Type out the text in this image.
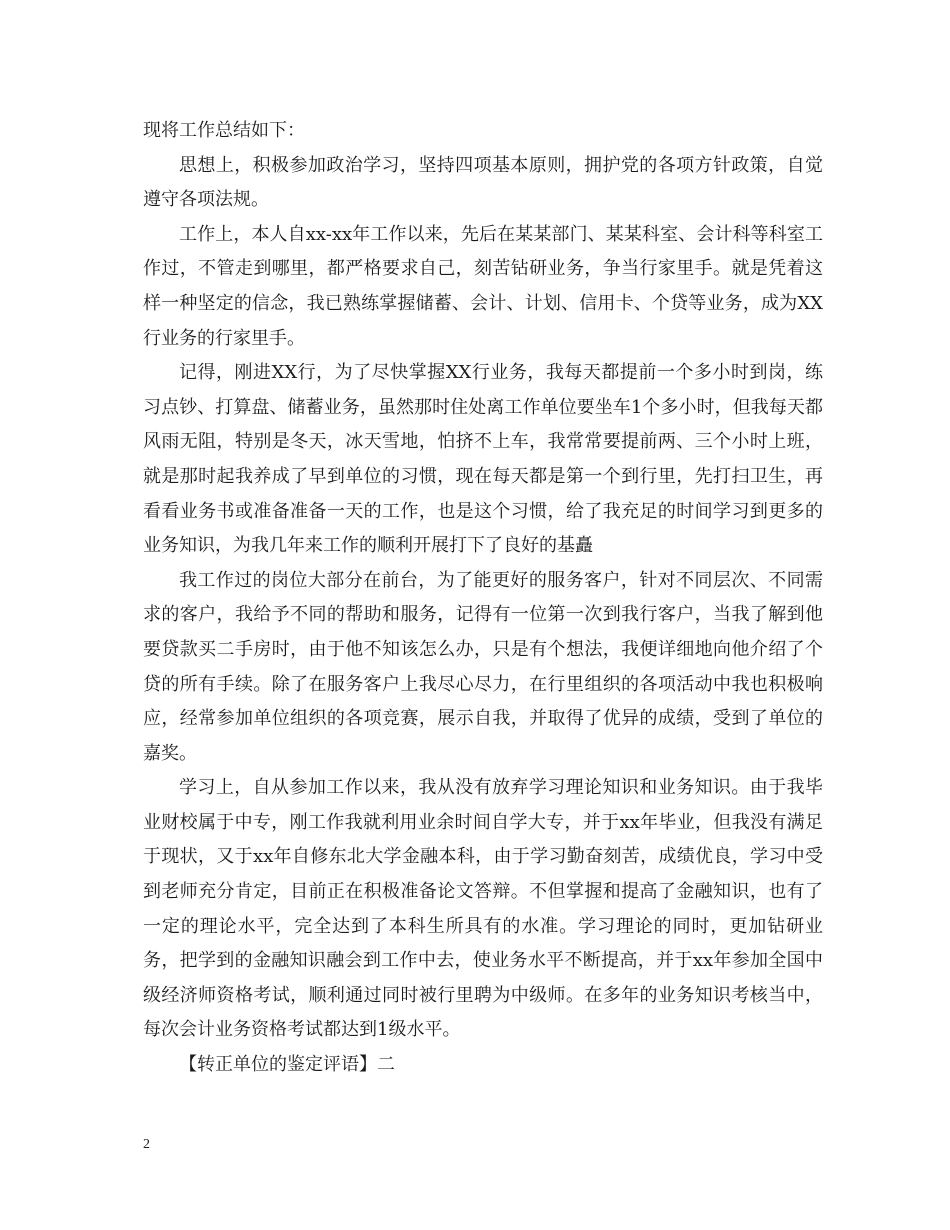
现将工作总结如下：

思想上，积极参加政治学习，坚持四项基本原则，拥护党的各项方针政策，自觉遵守各项法规。

工作上，本人自xx-xx年工作以来，先后在某某部门、某某科室、会计科等科室工作过，不管走到哪里，都严格要求自己，刻苦钻研业务，争当行家里手。就是凭着这样一种坚定的信念，我已熟练掌握储蓄、会计、计划、信用卡、个贷等业务，成为XX行业务的行家里手。

记得，刚进XX行，为了尽快掌握XX行业务，我每天都提前一个多小时到岗，练习点钞、打算盘、储蓄业务，虽然那时住处离工作单位要坐车1个多小时，但我每天都风雨无阻，特别是冬天，冰天雪地，怕挤不上车，我常常要提前两、三个小时上班，就是那时起我养成了早到单位的习惯，现在每天都是第一个到行里，先打扫卫生，再看看业务书或准备准备一天的工作，也是这个习惯，给了我充足的时间学习到更多的业务知识，为我几年来工作的顺利开展打下了良好的基矗

我工作过的岗位大部分在前台，为了能更好的服务客户，针对不同层次、不同需求的客户，我给予不同的帮助和服务，记得有一位第一次到我行客户，当我了解到他要贷款买二手房时，由于他不知该怎么办，只是有个想法，我便详细地向他介绍了个贷的所有手续。除了在服务客户上我尽心尽力，在行里组织的各项活动中我也积极响应，经常参加单位组织的各项竞赛，展示自我，并取得了优异的成绩，受到了单位的嘉奖。

学习上，自从参加工作以来，我从没有放弃学习理论知识和业务知识。由于我毕业财校属于中专，刚工作我就利用业余时间自学大专，并于xx年毕业，但我没有满足于现状，又于xx年自修东北大学金融本科，由于学习勤奋刻苦，成绩优良，学习中受到老师充分肯定，目前正在积极准备论文答辩。不但掌握和提高了金融知识，也有了一定的理论水平，完全达到了本科生所具有的水准。学习理论的同时，更加钻研业务，把学到的金融知识融会到工作中去，使业务水平不断提高，并于xx年参加全国中级经济师资格考试，顺利通过同时被行里聘为中级师。在多年的业务知识考核当中，每次会计业务资格考试都达到1级水平。

【转正单位的鉴定评语】二

2
